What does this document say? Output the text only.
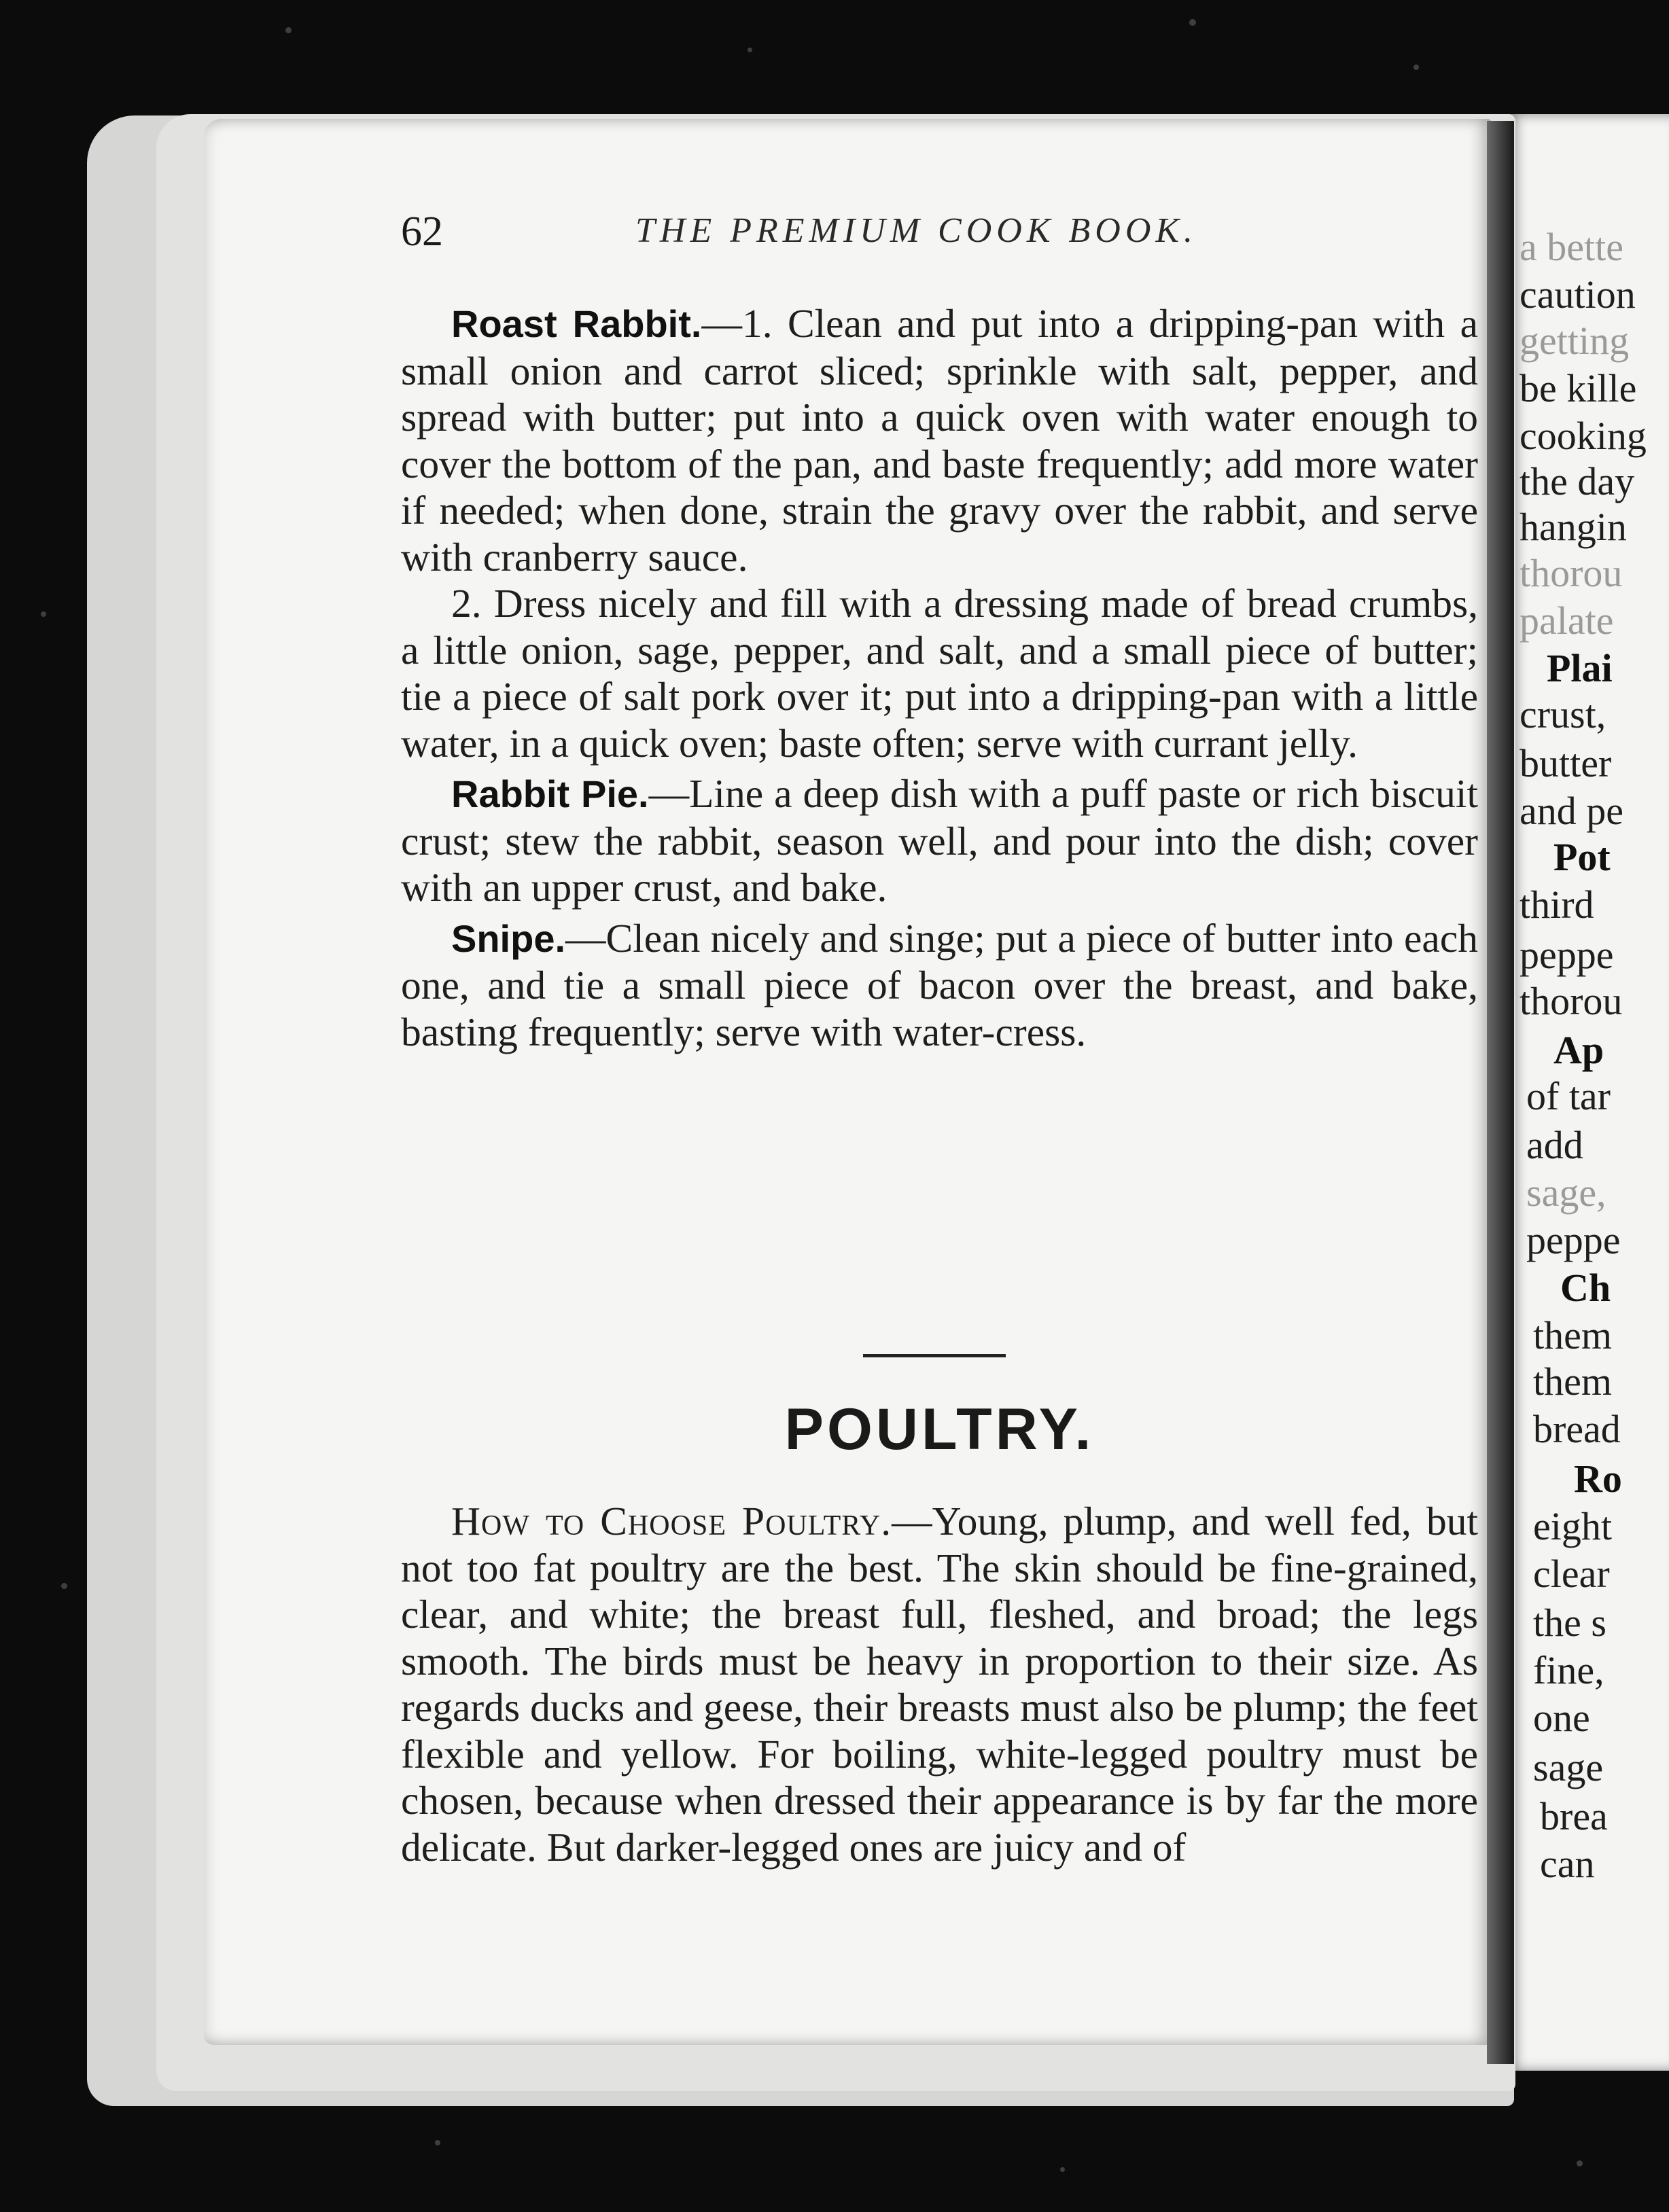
a bette
caution
getting
be kille
cooking
the day
hangin
thorou
palate
Plai
crust,
butter
and pe
Pot
third
peppe
thorou
Ap
of tar
add
sage,
peppe
Ch
them
them
bread
Ro
eight
clear
the s
fine,
one
sage
brea
can
62	THE PREMIUM COOK BOOK.

Roast Rabbit.—1. Clean and put into a dripping-pan with a small onion and carrot sliced; sprinkle with salt, pepper, and spread with butter; put into a quick oven with water enough to cover the bottom of the pan, and baste frequently; add more water if needed; when done, strain the gravy over the rabbit, and serve with cranberry sauce.

2. Dress nicely and fill with a dressing made of bread crumbs, a little onion, sage, pepper, and salt, and a small piece of butter; tie a piece of salt pork over it; put into a dripping-pan with a little water, in a quick oven; baste often; serve with currant jelly.

Rabbit Pie.—Line a deep dish with a puff paste or rich biscuit crust; stew the rabbit, season well, and pour into the dish; cover with an upper crust, and bake.

Snipe.—Clean nicely and singe; put a piece of butter into each one, and tie a small piece of bacon over the breast, and bake, basting frequently; serve with water-cress.

POULTRY.

How to Choose Poultry.—Young, plump, and well fed, but not too fat poultry are the best. The skin should be fine-grained, clear, and white; the breast full, fleshed, and broad; the legs smooth. The birds must be heavy in proportion to their size. As regards ducks and geese, their breasts must also be plump; the feet flexible and yellow. For boiling, white-legged poultry must be chosen, because when dressed their appearance is by far the more delicate. But darker-legged ones are juicy and of
